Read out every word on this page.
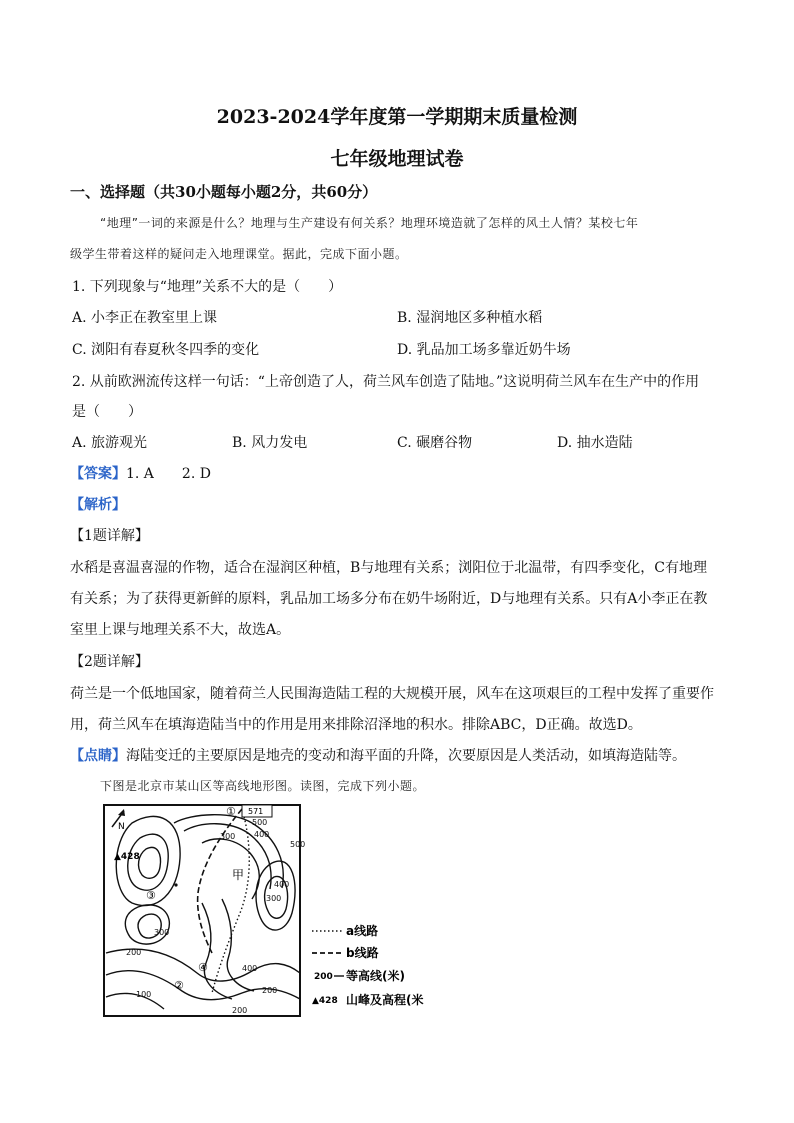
2023-2024学年度第一学期期末质量检测
七年级地理试卷
一、选择题（共30小题每小题2分，共60分）
“地理”一词的来源是什么？地理与生产建设有何关系？地理环境造就了怎样的风土人情？某校七年
级学生带着这样的疑问走入地理课堂。据此，完成下面小题。
1. 下列现象与“地理”关系不大的是（　　）
A. 小李正在教室里上课	B. 湿润地区多种植水稻
C. 浏阳有春夏秋冬四季的变化	D. 乳品加工场多靠近奶牛场
2. 从前欧洲流传这样一句话：“上帝创造了人，荷兰风车创造了陆地。”这说明荷兰风车在生产中的作用
是（　　）
A. 旅游观光	B. 风力发电	C. 碾磨谷物	D. 抽水造陆
【答案】1. A　　2. D
【解析】
【1题详解】
水稻是喜温喜湿的作物，适合在湿润区种植，B与地理有关系；浏阳位于北温带，有四季变化，C有地理
有关系；为了获得更新鲜的原料，乳品加工场多分布在奶牛场附近，D与地理有关系。只有A小李正在教
室里上课与地理关系不大，故选A。
【2题详解】
荷兰是一个低地国家，随着荷兰人民围海造陆工程的大规模开展，风车在这项艰巨的工程中发挥了重要作
用，荷兰风车在填海造陆当中的作用是用来排除沼泽地的积水。排除ABC，D正确。故选D。
【点睛】海陆变迁的主要原因是地壳的变动和海平面的升降，次要原因是人类活动，如填海造陆等。
下图是北京市某山区等高线地形图。读图，完成下列小题。
N
571
▲428
①
②
③
④
甲
500
400
300
300
500
400
300
200
100
400
200
200
a线路
b线路
200 等高线(米)
▲428 山峰及高程(米)
